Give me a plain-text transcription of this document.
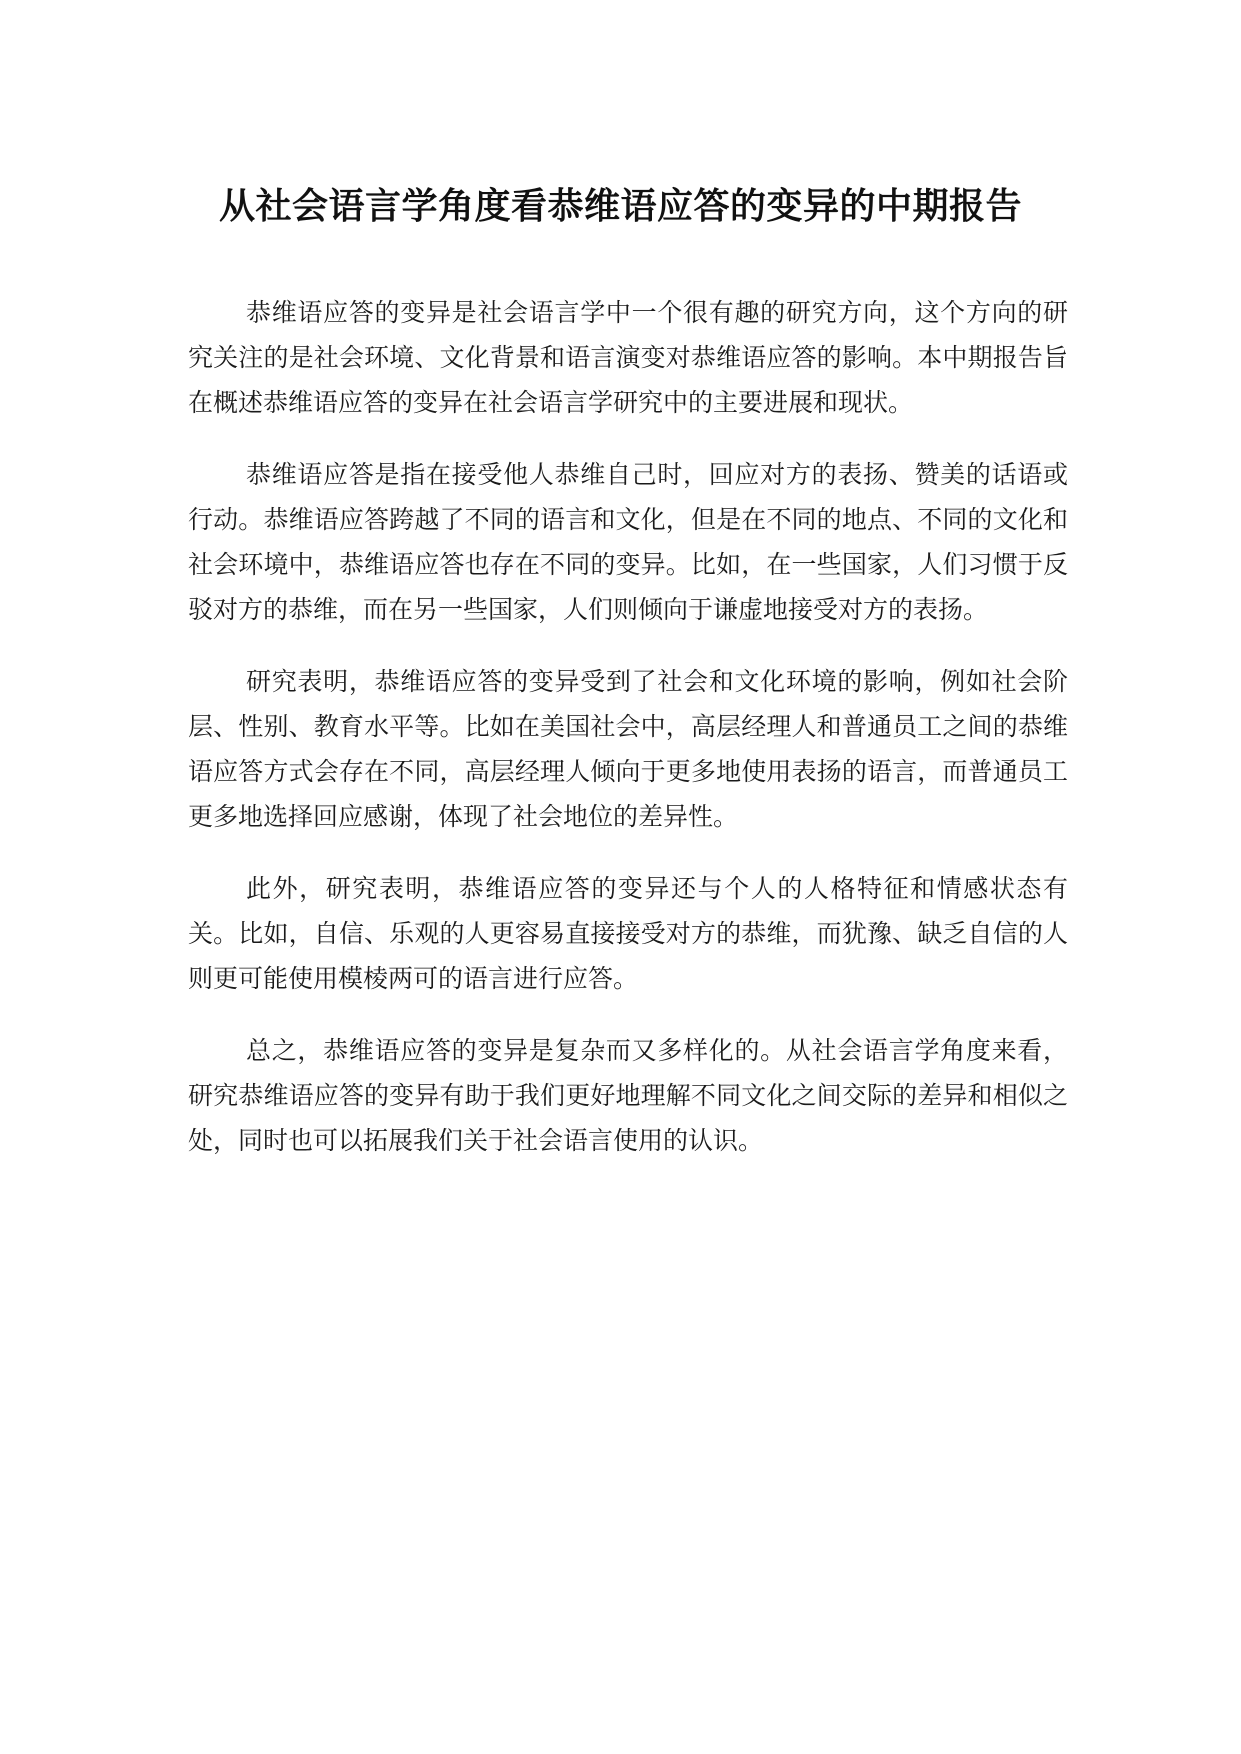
从社会语言学角度看恭维语应答的变异的中期报告

恭维语应答的变异是社会语言学中一个很有趣的研究方向，这个方向的研究关注的是社会环境、文化背景和语言演变对恭维语应答的影响。本中期报告旨在概述恭维语应答的变异在社会语言学研究中的主要进展和现状。

恭维语应答是指在接受他人恭维自己时，回应对方的表扬、赞美的话语或行动。恭维语应答跨越了不同的语言和文化，但是在不同的地点、不同的文化和社会环境中，恭维语应答也存在不同的变异。比如，在一些国家，人们习惯于反驳对方的恭维，而在另一些国家，人们则倾向于谦虚地接受对方的表扬。

研究表明，恭维语应答的变异受到了社会和文化环境的影响，例如社会阶层、性别、教育水平等。比如在美国社会中，高层经理人和普通员工之间的恭维语应答方式会存在不同，高层经理人倾向于更多地使用表扬的语言，而普通员工更多地选择回应感谢，体现了社会地位的差异性。

此外，研究表明，恭维语应答的变异还与个人的人格特征和情感状态有关。比如，自信、乐观的人更容易直接接受对方的恭维，而犹豫、缺乏自信的人则更可能使用模棱两可的语言进行应答。

总之，恭维语应答的变异是复杂而又多样化的。从社会语言学角度来看，研究恭维语应答的变异有助于我们更好地理解不同文化之间交际的差异和相似之处，同时也可以拓展我们关于社会语言使用的认识。
